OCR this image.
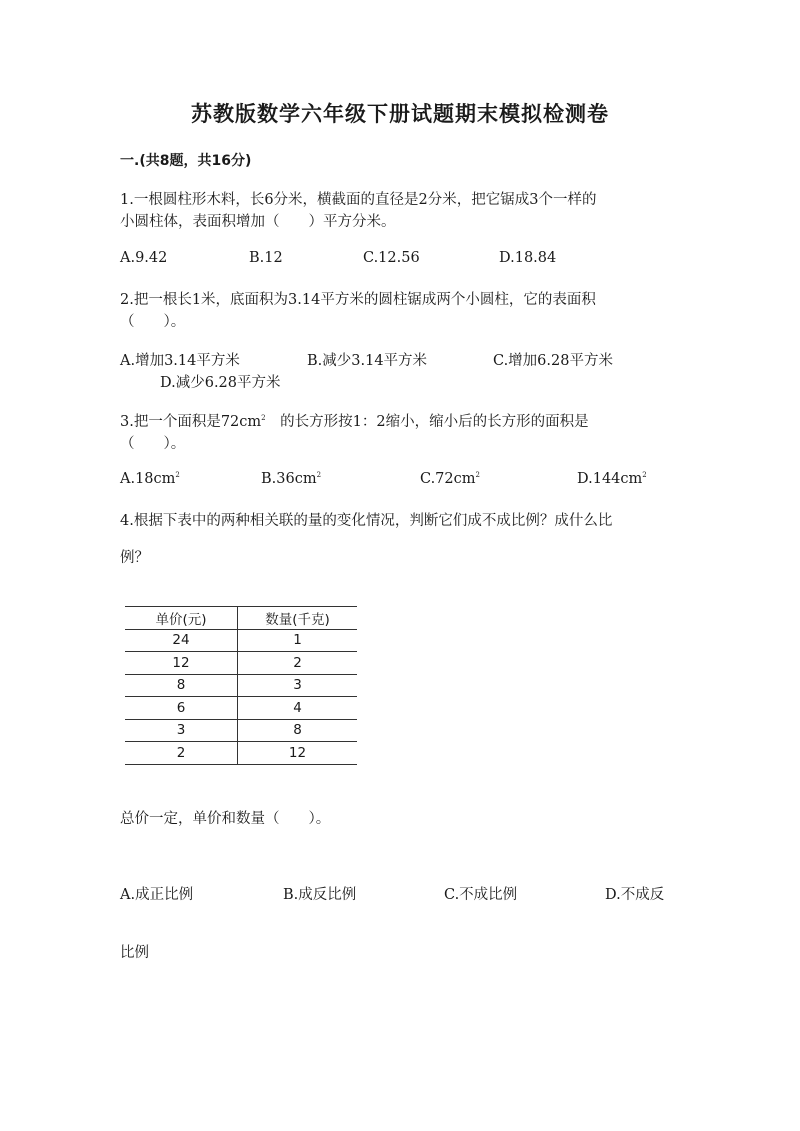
苏教版数学六年级下册试题期末模拟检测卷
一.(共8题，共16分)
1.一根圆柱形木料，长6分米，横截面的直径是2分米，把它锯成3个一样的
小圆柱体，表面积增加（　　）平方分米。
A.9.42	B.12	C.12.56	D.18.84
2.把一根长1米，底面积为3.14平方米的圆柱锯成两个小圆柱，它的表面积
（　　）。
A.增加3.14平方米	B.减少3.14平方米	C.增加6.28平方米
D.减少6.28平方米
3.把一个面积是$72cm^2$　 的长方形按1：2缩小，缩小后的长方形的面积是
（　　）。
$A.18cm^2$	$B.36cm^2$	$C.72cm^2$	$D.144cm^2$
4.根据下表中的两种相关联的量的变化情况，判断它们成不成比例？成什么比
例？
单价(元)	数量(千克)
24	1
12	2
8	3
6	4
3	8
2	12
总价一定，单价和数量（　　）。
A.成正比例	B.成反比例	C.不成比例	D.不成反
比例
